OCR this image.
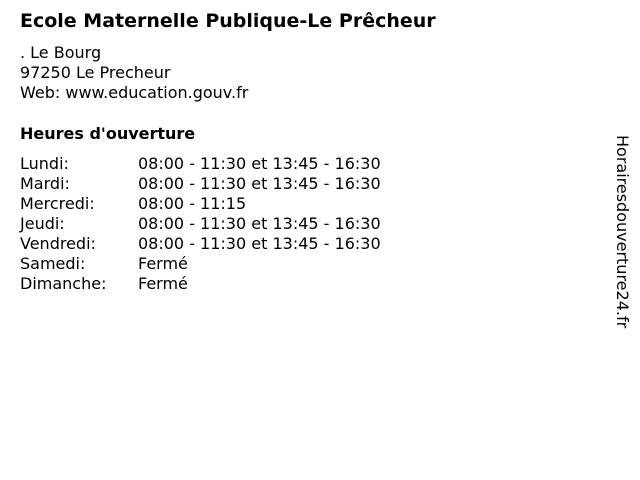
Ecole Maternelle Publique-Le Prêcheur
. Le Bourg
97250 Le Precheur
Web: www.education.gouv.fr
Heures d'ouverture
Lundi:	08:00 - 11:30 et 13:45 - 16:30
Mardi:	08:00 - 11:30 et 13:45 - 16:30
Mercredi:	08:00 - 11:15
Jeudi:	08:00 - 11:30 et 13:45 - 16:30
Vendredi:	08:00 - 11:30 et 13:45 - 16:30
Samedi:	Fermé
Dimanche:	Fermé	Horairesdouverture24.fr
